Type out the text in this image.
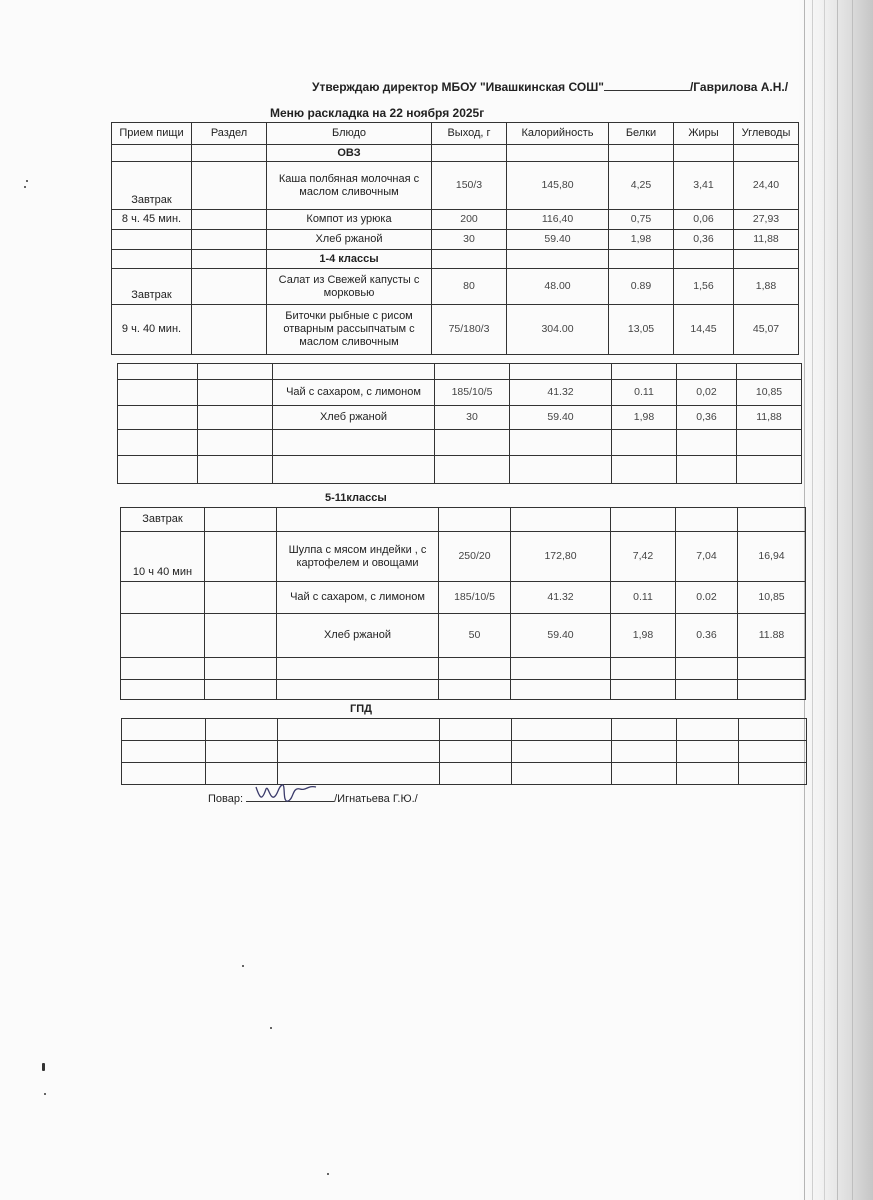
Утверждаю директор МБОУ "Ивашкинская СОШ"	/Гаврилова А.Н./
Меню раскладка на 22 ноября 2025г
Прием пищи	Раздел	Блюдо	Выход, г	Калорийность	Белки	Жиры	Углеводы
		ОВЗ					
Завтрак		Каша полбяная молочная с маслом сливочным	150/3	145,80	4,25	3,41	24,40
8 ч. 45 мин.		Компот из урюка	200	116,40	0,75	0,06	27,93
		Хлеб ржаной	30	59.40	1,98	0,36	11,88
		1-4 классы					
Завтрак		Салат из Свежей капусты с морковью	80	48.00	0.89	1,56	1,88
9 ч. 40 мин.		Биточки рыбные с рисом отварным рассыпчатым с маслом сливочным	75/180/3	304.00	13,05	14,45	45,07

		Чай с сахаром, с лимоном	185/10/5	41.32	0.11	0,02	10,85
		Хлеб ржаной	30	59.40	1,98	0,36	11,88

5-11классы
Завтрак							
10 ч 40 мин		Шулпа с мясом индейки , с картофелем и овощами	250/20	172,80	7,42	7,04	16,94
		Чай с сахаром, с лимоном	185/10/5	41.32	0.11	0.02	10,85
		Хлеб ржаной	50	59.40	1,98	0.36	11.88

ГПД

Повар:	/Игнатьева Г.Ю./
